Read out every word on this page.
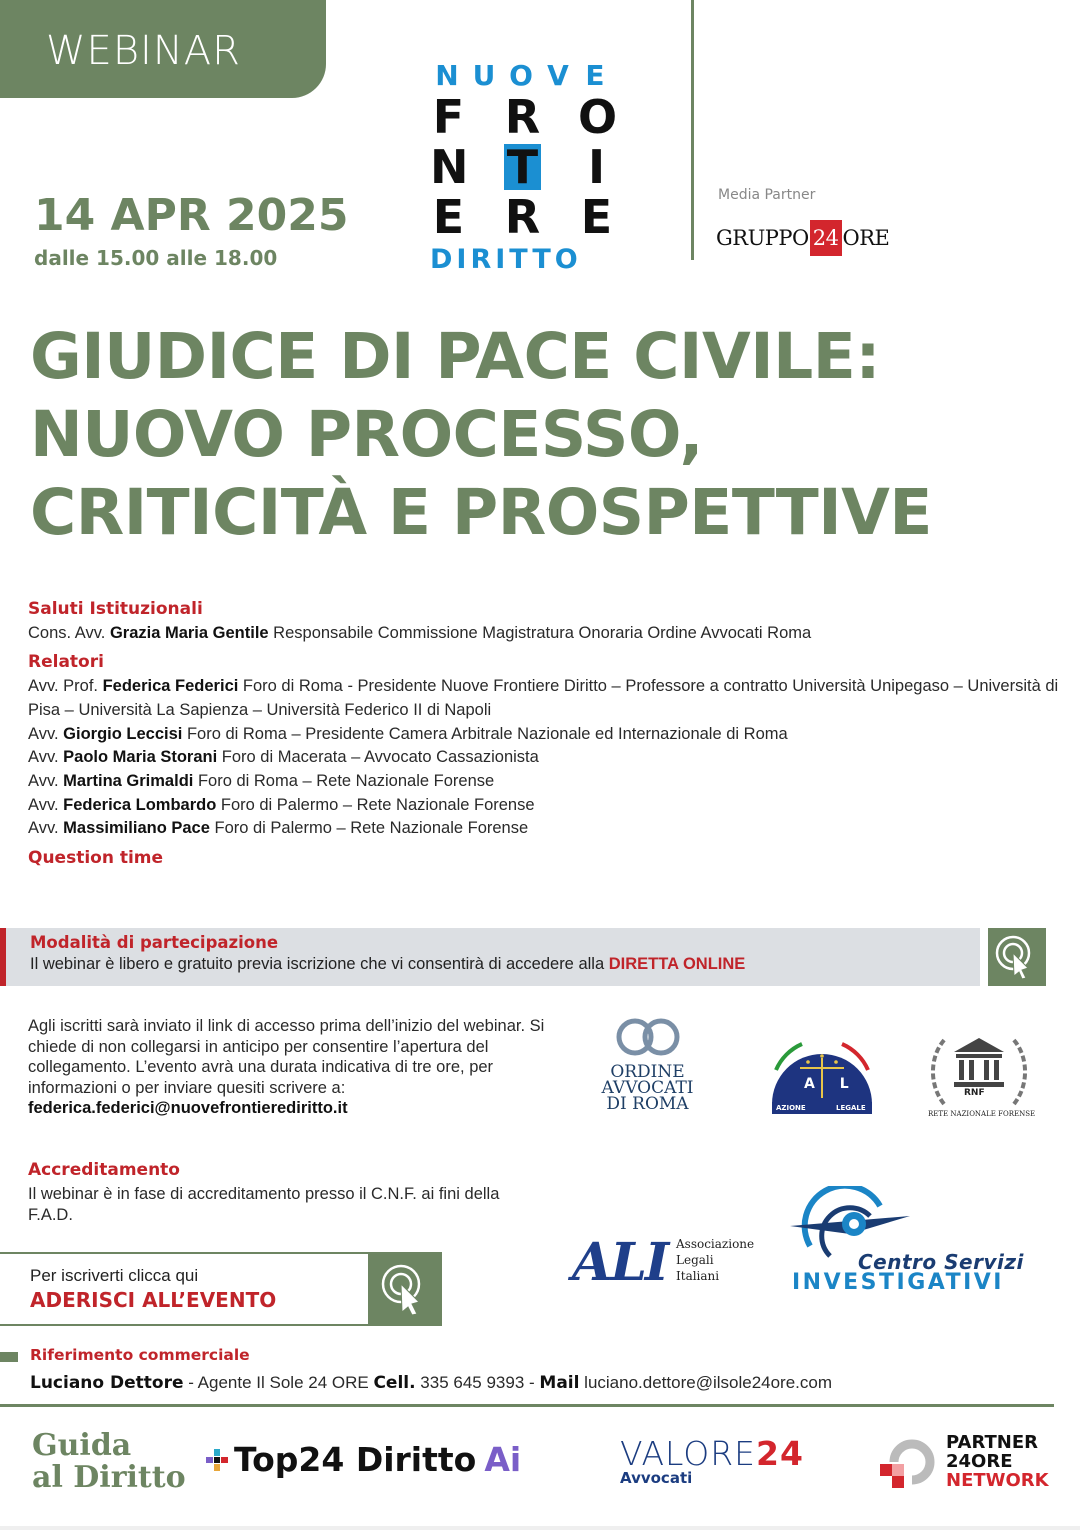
WEBINAR
14 APR 2025
dalle 15.00 alle 18.00
N U O V E
F R O
N T I
E R E
DIRITTO
Media Partner
GRUPPO 24 ORE
GIUDICE DI PACE CIVILE:
NUOVO PROCESSO,
CRITICITÀ E PROSPETTIVE
Saluti Istituzionali
Cons. Avv. Grazia Maria Gentile Responsabile Commissione Magistratura Onoraria Ordine Avvocati Roma
Relatori
Avv. Prof. Federica Federici Foro di Roma - Presidente Nuove Frontiere Diritto – Professore a contratto Università Unipegaso – Università di Pisa – Università La Sapienza – Università Federico II di Napoli
Avv. Giorgio Leccisi Foro di Roma – Presidente Camera Arbitrale Nazionale ed Internazionale di Roma
Avv. Paolo Maria Storani Foro di Macerata – Avvocato Cassazionista
Avv. Martina Grimaldi Foro di Roma – Rete Nazionale Forense
Avv. Federica Lombardo Foro di Palermo – Rete Nazionale Forense
Avv. Massimiliano Pace Foro di Palermo – Rete Nazionale Forense
Question time
Modalità di partecipazione
Il webinar è libero e gratuito previa iscrizione che vi consentirà di accedere alla DIRETTA ONLINE
Agli iscritti sarà inviato il link di accesso prima dell’inizio del webinar. Si chiede di non collegarsi in anticipo per consentire l’apertura del collegamento. L’evento avrà una durata indicativa di tre ore, per informazioni o per inviare quesiti scrivere a:
federica.federici@nuovefrontierediritto.it
Accreditamento
Il webinar è in fase di accreditamento presso il C.N.F. ai fini della F.A.D.
ORDINE
AVVOCATI
DI ROMA	AZIONE	LEGALE
A L
RNF
RETE NAZIONALE FORENSE
ALI Associazione
Legali
Italiani
Centro Servizi
INVESTIGATIVI
Per iscriverti clicca qui
ADERISCI ALL’EVENTO
Riferimento commerciale
Luciano Dettore - Agente Il Sole 24 ORE Cell. 335 645 9393 - Mail luciano.dettore@ilsole24ore.com
Guida
al Diritto Top24 Diritto Ai	VALORE24
Avvocati
PARTNER
24ORE
NETWORK
